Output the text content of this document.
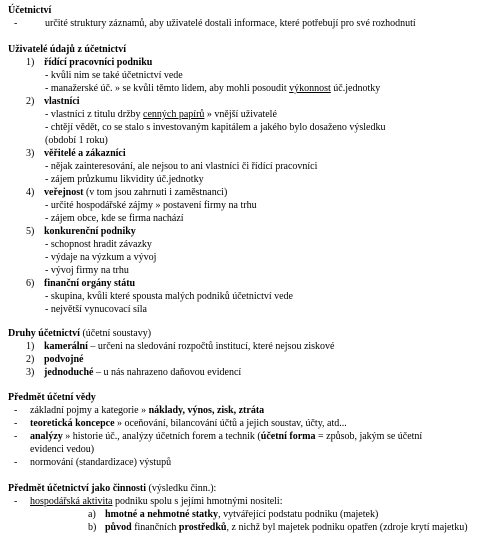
Účetnictví
-	určité struktury záznamů, aby uživatelé dostali informace, které potřebují pro své rozhodnutí
Uživatelé údajů z účetnictví
1) řídící pracovníci podniku
- kvůli nim se také účetnictví vede
- manažerské úč. » se kvůli těmto lidem, aby mohli posoudit výkonnost úč.jednotky
2) vlastníci
- vlastníci z titulu držby cenných papírů » vnější uživatelé
- chtějí vědět, co se stalo s investovaným kapitálem a jakého bylo dosaženo výsledku
(období 1 roku)
3) věřitelé a zákazníci
- nějak zainteresování, ale nejsou to ani vlastníci či řídící pracovníci
- zájem průzkumu likvidity úč.jednotky
4) veřejnost (v tom jsou zahrnuti i zaměstnanci)
- určité hospodářské zájmy » postavení firmy na trhu
- zájem obce, kde se firma nachází
5) konkurenční podniky
- schopnost hradit závazky
- výdaje na výzkum a vývoj
- vývoj firmy na trhu
6) finanční orgány státu
- skupina, kvůli které spousta malých podniků účetnictví vede
- největší vynucovací síla
Druhy účetnictví (účetní soustavy)
1) kamerální – určeni na sledování rozpočtů institucí, které nejsou ziskové
2) podvojné
3) jednoduché – u nás nahrazeno daňovou evidencí
Předmět účetní vědy
- základní pojmy a kategorie » náklady, výnos, zisk, ztráta
- teoretická koncepce » oceňování, bilancování účtů a jejich soustav, účty, atd...
- analýzy » historie úč., analýzy účetních forem a technik (účetní forma = způsob, jakým se účetní
evidenci vedou)
- normování (standardizace) výstupů
Předmět účetnictví jako činnosti (výsledku činn.):
- hospodářská aktivita podniku spolu s jejími hmotnými nositeli:
a) hmotné a nehmotné statky, vytvářející podstatu podniku (majetek)
b) původ finančních prostředků, z nichž byl majetek podniku opatřen (zdroje krytí majetku)
